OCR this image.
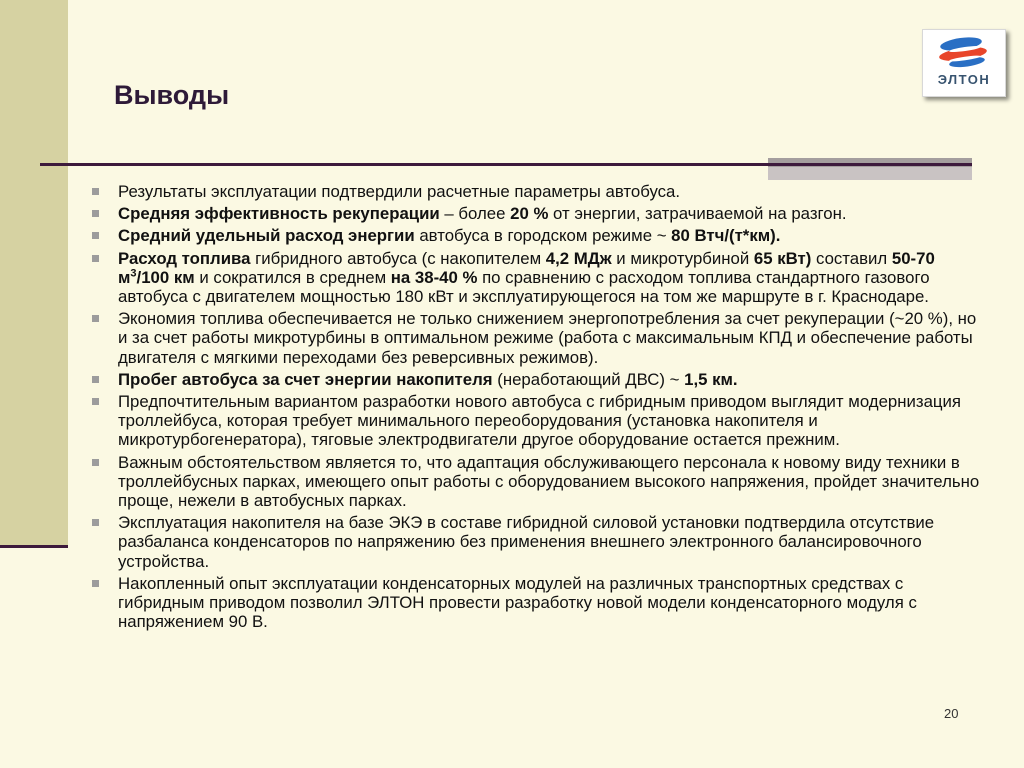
Выводы
ЭЛТОН
Результаты эксплуатации подтвердили расчетные параметры автобуса.
Средняя эффективность рекуперации – более 20 % от энергии, затрачиваемой на разгон.
Средний удельный расход энергии автобуса в городском режиме ~ 80 Втч/(т*км).
Расход топлива гибридного автобуса (с накопителем 4,2 МДж и микротурбиной 65 кВт) составил 50-70 $м^3/100$ км и сократился в среднем на 38-40 % по сравнению с расходом топлива стандартного газового автобуса с двигателем мощностью 180 кВт и эксплуатирующегося на том же маршруте в г. Краснодаре.
Экономия топлива обеспечивается не только снижением энергопотребления за счет рекуперации (~20 %), но и за счет работы микротурбины в оптимальном режиме (работа с максимальным КПД и обеспечение работы двигателя с мягкими переходами без реверсивных режимов).
Пробег автобуса за счет энергии накопителя (неработающий ДВС) ~ 1,5 км.
Предпочтительным вариантом разработки нового автобуса с гибридным приводом выглядит модернизация троллейбуса, которая требует минимального переоборудования (установка накопителя и микротурбогенератора), тяговые электродвигатели другое оборудование остается прежним.
Важным обстоятельством является то, что адаптация обслуживающего персонала к новому виду техники в троллейбусных парках, имеющего опыт работы с оборудованием высокого напряжения, пройдет значительно проще, нежели в автобусных парках.
Эксплуатация накопителя на базе ЭКЭ в составе гибридной силовой установки подтвердила отсутствие разбаланса конденсаторов по напряжению без применения внешнего электронного балансировочного устройства.
Накопленный опыт эксплуатации конденсаторных модулей на различных транспортных средствах с гибридным приводом позволил ЭЛТОН провести разработку новой модели конденсаторного модуля с напряжением 90 В.
20
